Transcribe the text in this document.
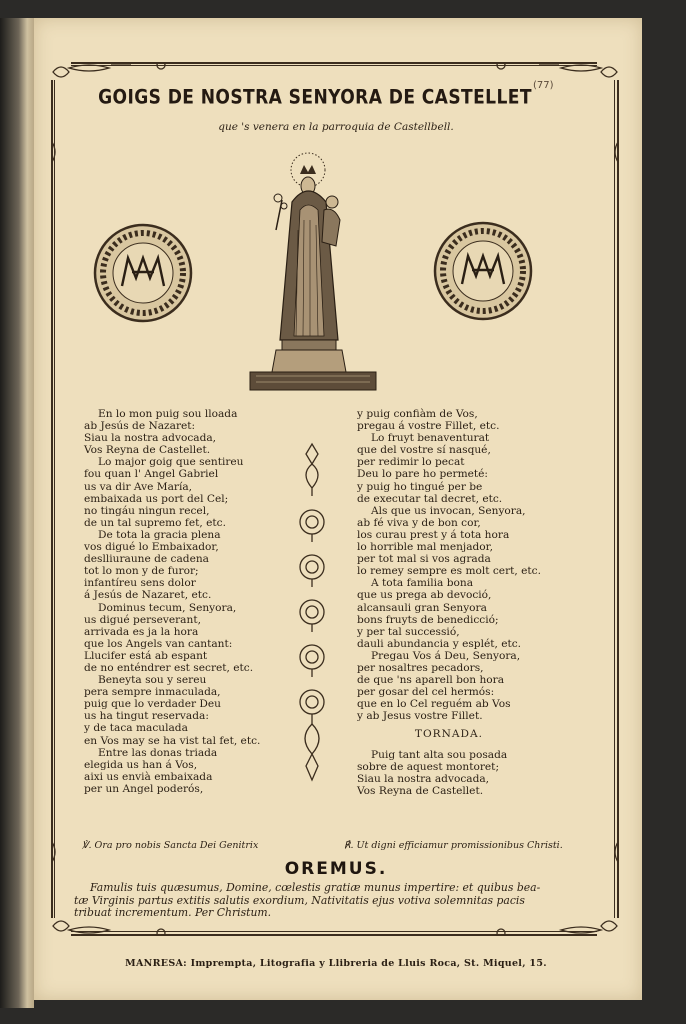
(77)
GOIGS DE NOSTRA SENYORA DE CASTELLET
que 's venera en la parroquia de Castellbell.
En lo mon puig sou lloada
ab Jesús de Nazaret:
Siau la nostra advocada,
Vos Reyna de Castellet.
Lo major goig que sentireu
fou quan l' Angel Gabriel
us va dir Ave María,
embaixada us port del Cel;
no tingáu ningun recel,
de un tal supremo fet, etc.
De tota la gracia plena
vos digué lo Embaixador,
deslliuraune de cadena
tot lo mon y de furor;
infantíreu sens dolor
á Jesús de Nazaret, etc.
Dominus tecum, Senyora,
us digué perseverant,
arrivada es ja la hora
que los Angels van cantant:
Llucifer está ab espant
de no enténdrer est secret, etc.
Beneyta sou y sereu
pera sempre inmaculada,
puig que lo verdader Deu
us ha tingut reservada:
y de taca maculada
en Vos may se ha vist tal fet, etc.
Entre las donas triada
elegida us han á Vos,
aixi us envià embaixada
per un Angel poderós,
y puig confiàm de Vos,
pregau á vostre Fillet, etc.
Lo fruyt benaventurat
que del vostre sí nasqué,
per redimir lo pecat
Deu lo pare ho permeté:
y puig ho tingué per be
de executar tal decret, etc.
Als que us invocan, Senyora,
ab fé viva y de bon cor,
los curau prest y á tota hora
lo horrible mal menjador,
per tot mal si vos agrada
lo remey sempre es molt cert, etc.
A tota familia bona
que us prega ab devoció,
alcansauli gran Senyora
bons fruyts de benedicció;
y per tal successió,
dauli abundancia y esplét, etc.
Pregau Vos á Deu, Senyora,
per nosaltres pecadors,
de que 'ns aparell bon hora
per gosar del cel hermós:
que en lo Cel reguém ab Vos
y ab Jesus vostre Fillet.
TORNADA.
Puig tant alta sou posada
sobre de aquest montoret;
Siau la nostra advocada,
Vos Reyna de Castellet.
℣. Ora pro nobis Sancta Dei Genitrix	℟. Ut digni efficiamur promissionibus Christi.
OREMUS.
Famulis tuis quæsumus, Domine, cœlestis gratiæ munus impertire: et quibus bea-
tæ Virginis partus extitis salutis exordium, Nativitatis ejus votiva solemnitas pacis
tribuat incrementum. Per Christum.
MANRESA: Imprempta, Litografia y Llibreria de Lluis Roca, St. Miquel, 15.
